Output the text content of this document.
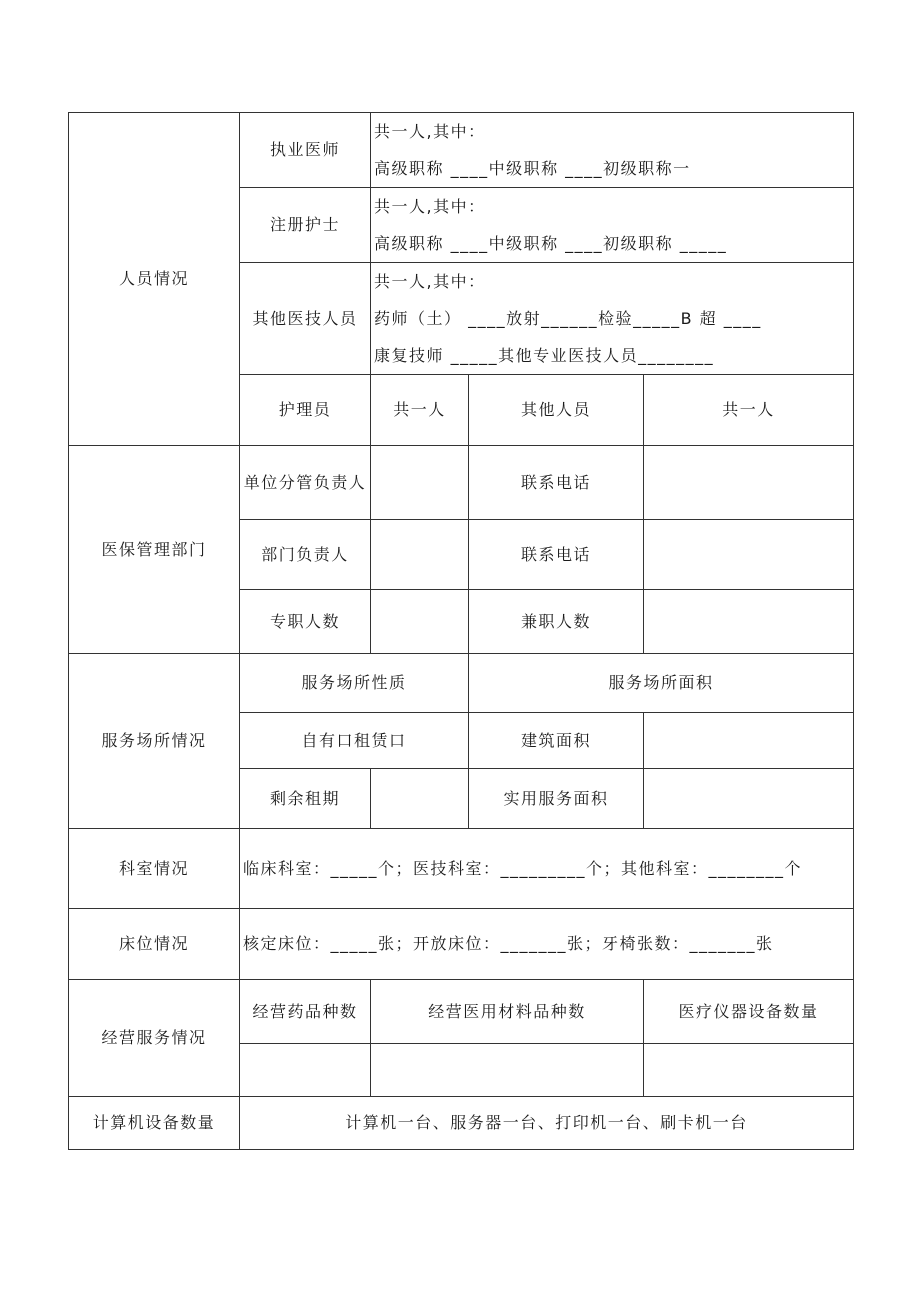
人员情况	执业医师	共一人,其中：
高级职称 ____中级职称 ____初级职称一		

	注册护士	共一人,其中：
高级职称 ____中级职称 ____初级职称 _____		

	其他医技人员	共一人,其中：
药师（土） ____放射______检验_____B 超 ____
康复技师 _____其他专业医技人员________		

	护理员	共一人	其他人员	共一人
医保管理部门	单位分管负责人		联系电话	
	部门负责人		联系电话	
	专职人数		兼职人数	
服务场所情况	服务场所性质		服务场所面积	
	自有口租赁口		建筑面积	
	剩余租期		实用服务面积	
科室情况	临床科室：_____个；医技科室：_________个；其他科室：________个			
床位情况	核定床位：_____张；开放床位：_______张；牙椅张数：_______张			
经营服务情况	经营药品种数	经营医用材料品种数		医疗仪器设备数量

计算机设备数量	计算机一台、服务器一台、打印机一台、刷卡机一台			
